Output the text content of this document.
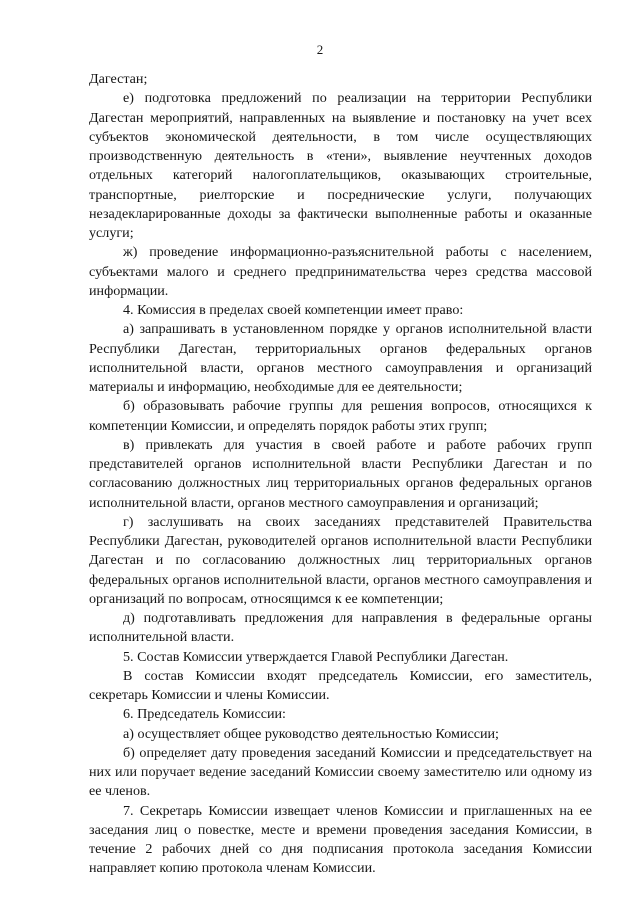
2

Дагестан;

е) подготовка предложений по реализации на территории Республики Дагестан мероприятий, направленных на выявление и постановку на учет всех субъектов экономической деятельности, в том числе осуществляющих производственную деятельность в «тени», выявление неучтенных доходов отдельных категорий налогоплательщиков, оказывающих строительные, транспортные, риелторские и посреднические услуги, получающих незадекларированные доходы за фактически выполненные работы и оказанные услуги;

ж) проведение информационно-разъяснительной работы с населением, субъектами малого и среднего предпринимательства через средства массовой информации.

4. Комиссия в пределах своей компетенции имеет право:

а) запрашивать в установленном порядке у органов исполнительной власти Республики Дагестан, территориальных органов федеральных органов исполнительной власти, органов местного самоуправления и организаций материалы и информацию, необходимые для ее деятельности;

б) образовывать рабочие группы для решения вопросов, относящихся к компетенции Комиссии, и определять порядок работы этих групп;

в) привлекать для участия в своей работе и работе рабочих групп представителей органов исполнительной власти Республики Дагестан и по согласованию должностных лиц территориальных органов федеральных органов исполнительной власти, органов местного самоуправления и организаций;

г) заслушивать на своих заседаниях представителей Правительства Республики Дагестан, руководителей органов исполнительной власти Республики Дагестан и по согласованию должностных лиц территориальных органов федеральных органов исполнительной власти, органов местного самоуправления и организаций по вопросам, относящимся к ее компетенции;

д) подготавливать предложения для направления в федеральные органы исполнительной власти.

5. Состав Комиссии утверждается Главой Республики Дагестан.

В состав Комиссии входят председатель Комиссии, его заместитель, секретарь Комиссии и члены Комиссии.

6. Председатель Комиссии:

а) осуществляет общее руководство деятельностью Комиссии;

б) определяет дату проведения заседаний Комиссии и председательствует на них или поручает ведение заседаний Комиссии своему заместителю или одному из ее членов.

7. Секретарь Комиссии извещает членов Комиссии и приглашенных на ее заседания лиц о повестке, месте и времени проведения заседания Комиссии, в течение 2 рабочих дней со дня подписания протокола заседания Комиссии направляет копию протокола членам Комиссии.
